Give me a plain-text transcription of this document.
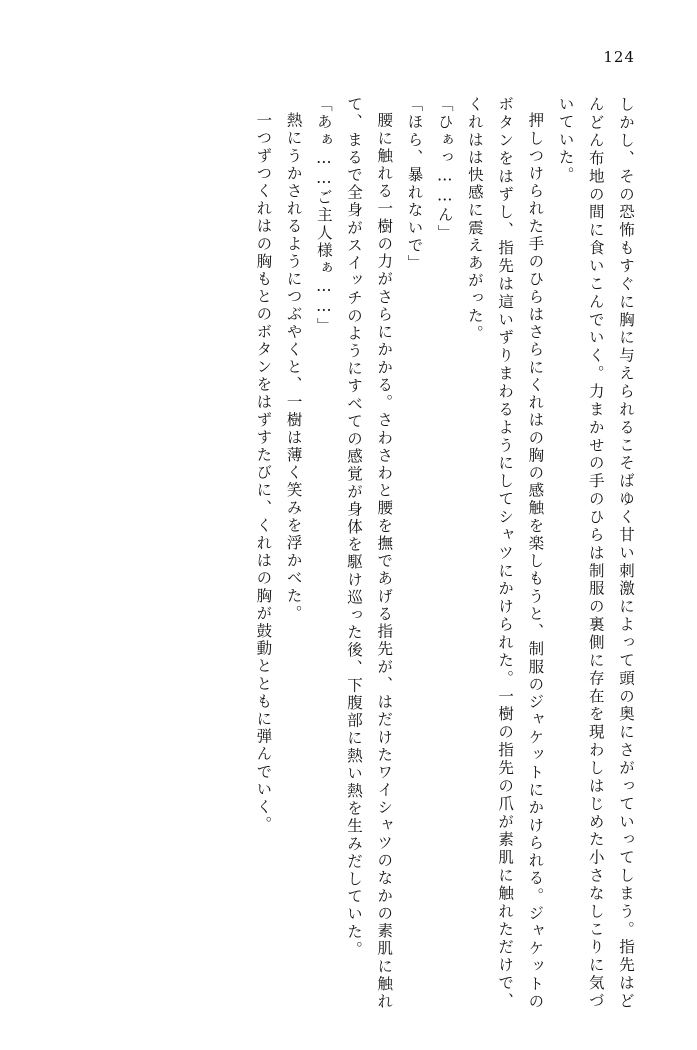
124

しかし、その恐怖もすぐに胸に与えられるこそばゆく甘い刺激によって頭の奥にさがっていってしまう。指先はどんどん布地の間に食いこんでいく。力まかせの手のひらは制服の裏側に存在を現わしはじめた小さなしこりに気づいていた。

押しつけられた手のひらはさらにくれはの胸の感触を楽しもうと、制服のジャケットにかけられる。ジャケットのボタンをはずし、指先は這いずりまわるようにしてシャツにかけられた。一樹の指先の爪が素肌に触れただけで、くれはは快感に震えあがった。

「ひぁっ……ん」

「ほら、暴れないで」

腰に触れる一樹の力がさらにかかる。さわさわと腰を撫であげる指先が、はだけたワイシャツのなかの素肌に触れて、まるで全身がスイッチのようにすべての感覚が身体を駆け巡った後、下腹部に熱い熱を生みだしていた。

「あぁ……ご主人様ぁ……」

熱にうかされるようにつぶやくと、一樹は薄く笑みを浮かべた。

一つずつくれはの胸もとのボタンをはずすたびに、くれはの胸が鼓動とともに弾んでいく。
